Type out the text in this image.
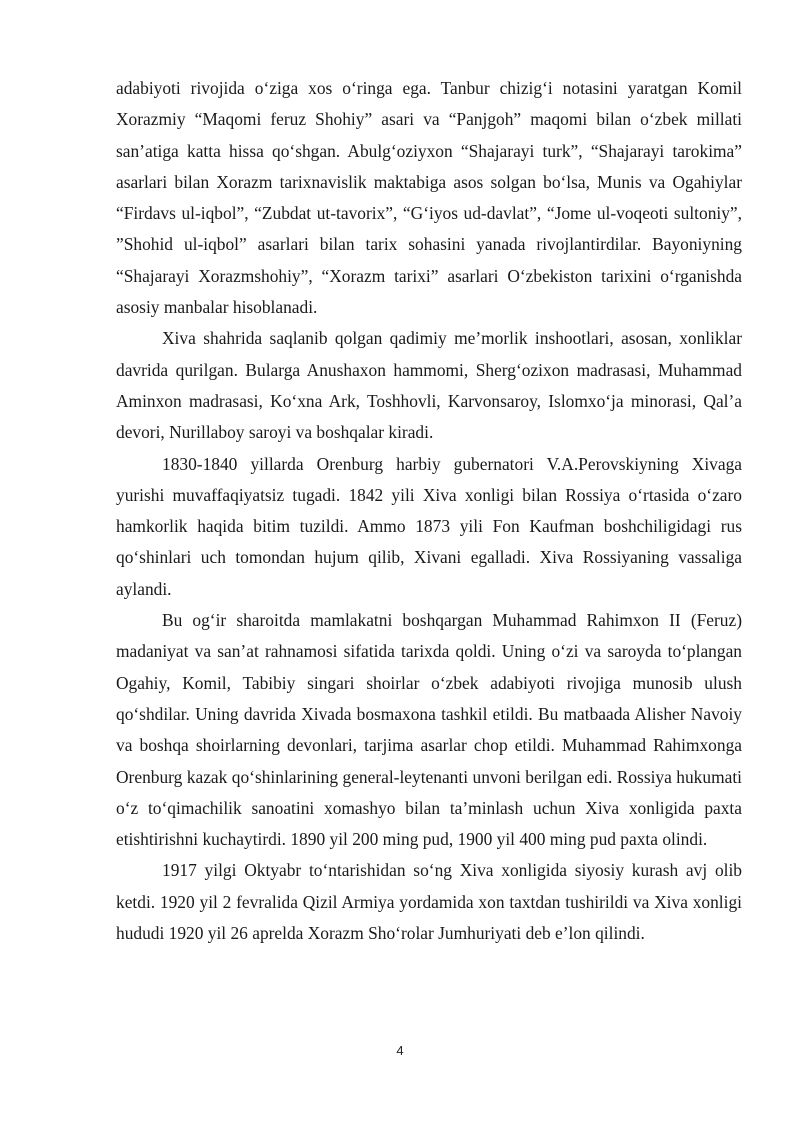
adabiyoti rivojida o‘ziga xos o‘ringa ega. Tanbur chizig‘i notasini yaratgan Komil Xorazmiy “Maqomi feruz Shohiy” asari va “Panjgoh” maqomi bilan o‘zbek millati san’atiga katta hissa qo‘shgan. Abulg‘oziyxon “Shajarayi turk”, “Shajarayi tarokima” asarlari bilan Xorazm tarixnavislik maktabiga asos solgan bo‘lsa, Munis va Ogahiylar “Firdavs ul-iqbol”, “Zubdat ut-tavorix”, “G‘iyos ud-davlat”, “Jome ul-voqeoti sultoniy”, ”Shohid ul-iqbol” asarlari bilan tarix sohasini yanada rivojlantirdilar. Bayoniyning “Shajarayi Xorazmshohiy”, “Xorazm tarixi” asarlari O‘zbekiston tarixini o‘rganishda asosiy manbalar hisoblanadi.

Xiva shahrida saqlanib qolgan qadimiy me’morlik inshootlari, asosan, xonliklar davrida qurilgan. Bularga Anushaxon hammomi, Sherg‘ozixon madrasasi, Muhammad Aminxon madrasasi, Ko‘xna Ark, Toshhovli, Karvonsaroy, Islomxo‘ja minorasi, Qal’a devori, Nurillaboy saroyi va boshqalar kiradi.

1830-1840 yillarda Orenburg harbiy gubernatori V.A.Perovskiyning Xivaga yurishi muvaffaqiyatsiz tugadi. 1842 yili Xiva xonligi bilan Rossiya o‘rtasida o‘zaro hamkorlik haqida bitim tuzildi. Ammo 1873 yili Fon Kaufman boshchiligidagi rus qo‘shinlari uch tomondan hujum qilib, Xivani egalladi. Xiva Rossiyaning vassaliga aylandi.

Bu og‘ir sharoitda mamlakatni boshqargan Muhammad Rahimxon II (Feruz) madaniyat va san’at rahnamosi sifatida tarixda qoldi. Uning o‘zi va saroyda to‘plangan Ogahiy, Komil, Tabibiy singari shoirlar o‘zbek adabiyoti rivojiga munosib ulush qo‘shdilar. Uning davrida Xivada bosmaxona tashkil etildi. Bu matbaada Alisher Navoiy va boshqa shoirlarning devonlari, tarjima asarlar chop etildi. Muhammad Rahimxonga Orenburg kazak qo‘shinlarining general-leytenanti unvoni berilgan edi. Rossiya hukumati o‘z to‘qimachilik sanoatini xomashyo bilan ta’minlash uchun Xiva xonligida paxta etishtirishni kuchaytirdi. 1890 yil 200 ming pud, 1900 yil 400 ming pud paxta olindi.

1917 yilgi Oktyabr to‘ntarishidan so‘ng Xiva xonligida siyosiy kurash avj olib ketdi. 1920 yil 2 fevralida Qizil Armiya yordamida xon taxtdan tushirildi va Xiva xonligi hududi 1920 yil 26 aprelda Xorazm Sho‘rolar Jumhuriyati deb e’lon qilindi.

4
